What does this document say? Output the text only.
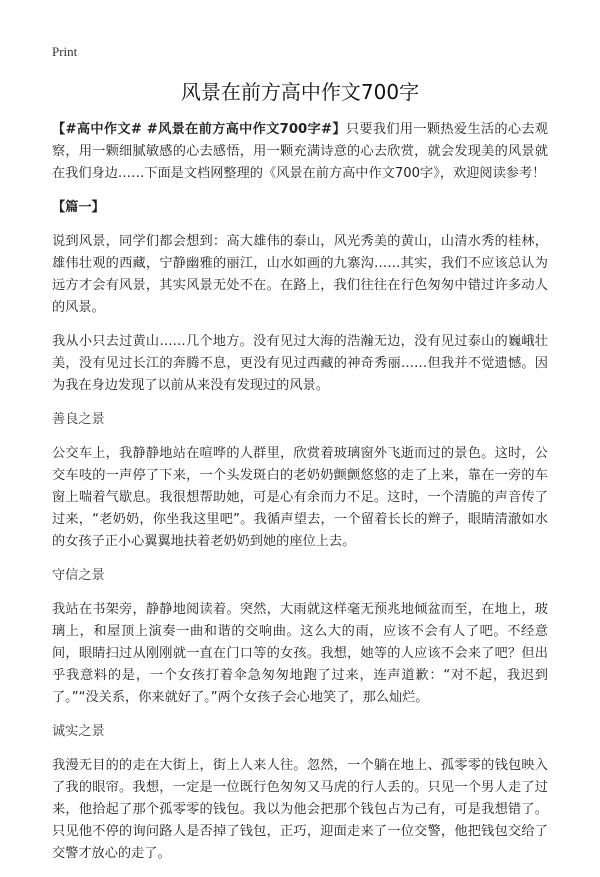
Print
风景在前方高中作文700字

【#高中作文# #风景在前方高中作文700字#】只要我们用一颗热爱生活的心去观察，用一颗细腻敏感的心去感悟，用一颗充满诗意的心去欣赏，就会发现美的风景就在我们身边……下面是文档网整理的《风景在前方高中作文700字》，欢迎阅读参考！

【篇一】

说到风景，同学们都会想到：高大雄伟的泰山，风光秀美的黄山，山清水秀的桂林，雄伟壮观的西藏，宁静幽雅的丽江，山水如画的九寨沟……其实，我们不应该总认为远方才会有风景，其实风景无处不在。在路上，我们往往在行色匆匆中错过许多动人的风景。

我从小只去过黄山……几个地方。没有见过大海的浩瀚无边，没有见过泰山的巍峨壮美，没有见过长江的奔腾不息，更没有见过西藏的神奇秀丽……但我并不觉遗憾。因为我在身边发现了以前从来没有发现过的风景。

善良之景

公交车上，我静静地站在喧哗的人群里，欣赏着玻璃窗外飞逝而过的景色。这时，公交车吱的一声停了下来，一个头发斑白的老奶奶颤颤悠悠的走了上来，靠在一旁的车窗上喘着气歇息。我很想帮助她，可是心有余而力不足。这时，一个清脆的声音传了过来，“老奶奶，你坐我这里吧”。我循声望去，一个留着长长的辫子，眼睛清澈如水的女孩子正小心翼翼地扶着老奶奶到她的座位上去。

守信之景

我站在书架旁，静静地阅读着。突然，大雨就这样毫无预兆地倾盆而至，在地上，玻璃上，和屋顶上演奏一曲和谐的交响曲。这么大的雨，应该不会有人了吧。不经意间，眼睛扫过从刚刚就一直在门口等的女孩。我想，她等的人应该不会来了吧？但出乎我意料的是，一个女孩打着伞急匆匆地跑了过来，连声道歉：“对不起，我迟到了。”“没关系，你来就好了。”两个女孩子会心地笑了，那么灿烂。

诚实之景

我漫无目的的走在大街上，街上人来人往。忽然，一个躺在地上、孤零零的钱包映入了我的眼帘。我想，一定是一位既行色匆匆又马虎的行人丢的。只见一个男人走了过来，他拾起了那个孤零零的钱包。我以为他会把那个钱包占为己有，可是我想错了。只见他不停的询问路人是否掉了钱包，正巧，迎面走来了一位交警，他把钱包交给了交警才放心的走了。
